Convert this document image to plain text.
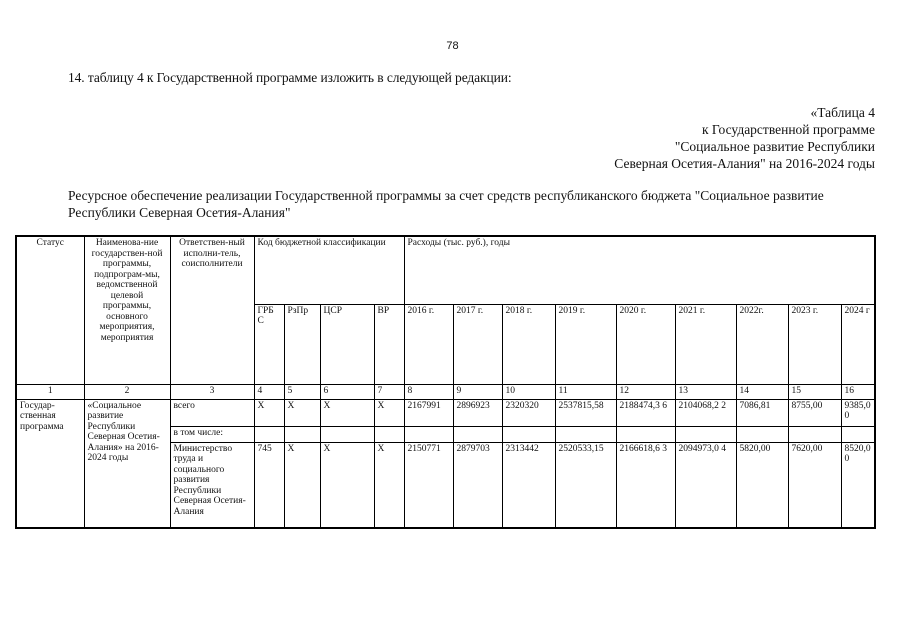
78
14. таблицу 4 к Государственной программе изложить в следующей редакции:
«Таблица 4
к Государственной программе
"Социальное развитие Республики
Северная Осетия-Алания" на 2016-2024 годы
Ресурсное обеспечение реализации Государственной программы за счет средств республиканского бюджета "Социальное развитие Республики Северная Осетия-Алания"
Статус	Наименова-ние государствен-ной программы, подпрограм-мы, ведомственной целевой программы, основного мероприятия, мероприятия	Ответствен-ный исполни-тель, соисполнители	Код бюджетной классификации				Расходы (тыс. руб.), годы								
			ГРБ С	РзПр	ЦСР	ВР	2016 г.	2017 г.	2018 г.	2019 г.	2020 г.	2021 г.	2022г.	2023 г.	2024 г
1	2	3	4	5	6	7	8	9	10	11	12	13	14	15	16
Государ-ственная программа	«Социальное развитие Республики Северная Осетия-Алания» на 2016-2024 годы	всего	Х	Х	Х	Х	2167991	2896923	2320320	2537815,58	2188474,3 6	2104068,2 2	7086,81	8755,00	9385,0 0
		в том числе:													
		Министерство труда и социального развития Республики Северная Осетия-Алания	745	Х	Х	Х	2150771	2879703	2313442	2520533,15	2166618,6 3	2094973,0 4	5820,00	7620,00	8520,0 0
